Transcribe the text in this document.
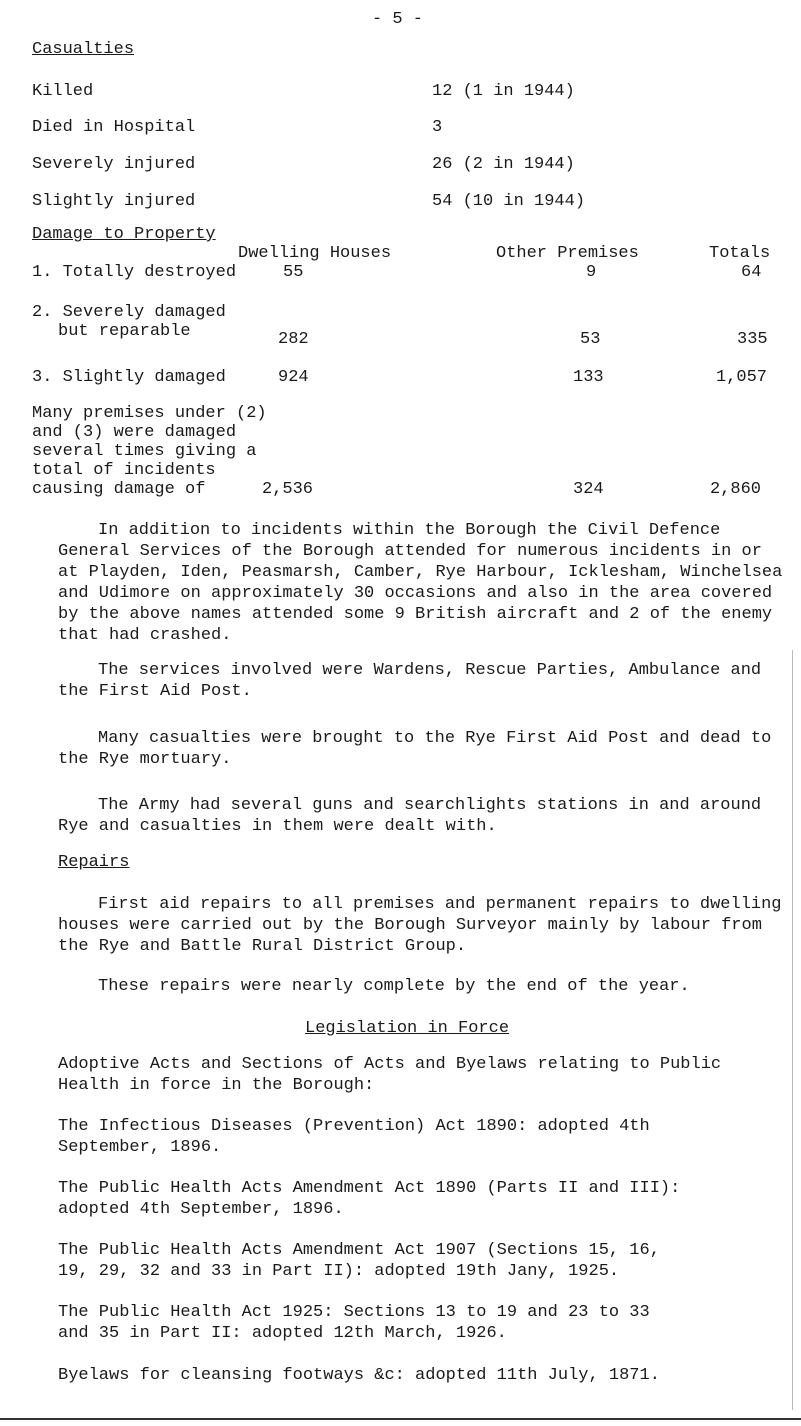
- 5 -
Casualties
Killed	12 (1 in 1944)
Died in Hospital	3
Severely injured	26 (2 in 1944)
Slightly injured	54 (10 in 1944)
Damage to Property
Dwelling Houses	Other Premises	Totals
1. Totally destroyed	55	9	64
2. Severely damaged
but reparable	282	53	335
3. Slightly damaged	924	133	1,057
Many premises under (2)
and (3) were damaged
several times giving a
total of incidents
causing damage of	2,536	324	2,860

In addition to incidents within the Borough the Civil Defence General Services of the Borough attended for numerous incidents in or at Playden, Iden, Peasmarsh, Camber, Rye Harbour, Icklesham, Winchelsea and Udimore on approximately 30 occasions and also in the area covered by the above names attended some 9 British aircraft and 2 of the enemy that had crashed.

The services involved were Wardens, Rescue Parties, Ambulance and the First Aid Post.

Many casualties were brought to the Rye First Aid Post and dead to the Rye mortuary.

The Army had several guns and searchlights stations in and around Rye and casualties in them were dealt with.

Repairs

First aid repairs to all premises and permanent repairs to dwelling houses were carried out by the Borough Surveyor mainly by labour from the Rye and Battle Rural District Group.

These repairs were nearly complete by the end of the year.

Legislation in Force

Adoptive Acts and Sections of Acts and Byelaws relating to Public Health in force in the Borough:

The Infectious Diseases (Prevention) Act 1890: adopted 4th
September, 1896.
The Public Health Acts Amendment Act 1890 (Parts II and III):
adopted 4th September, 1896.
The Public Health Acts Amendment Act 1907 (Sections 15, 16,
19, 29, 32 and 33 in Part II): adopted 19th Jany, 1925.
The Public Health Act 1925: Sections 13 to 19 and 23 to 33
and 35 in Part II: adopted 12th March, 1926.
Byelaws for cleansing footways &c: adopted 11th July, 1871.
